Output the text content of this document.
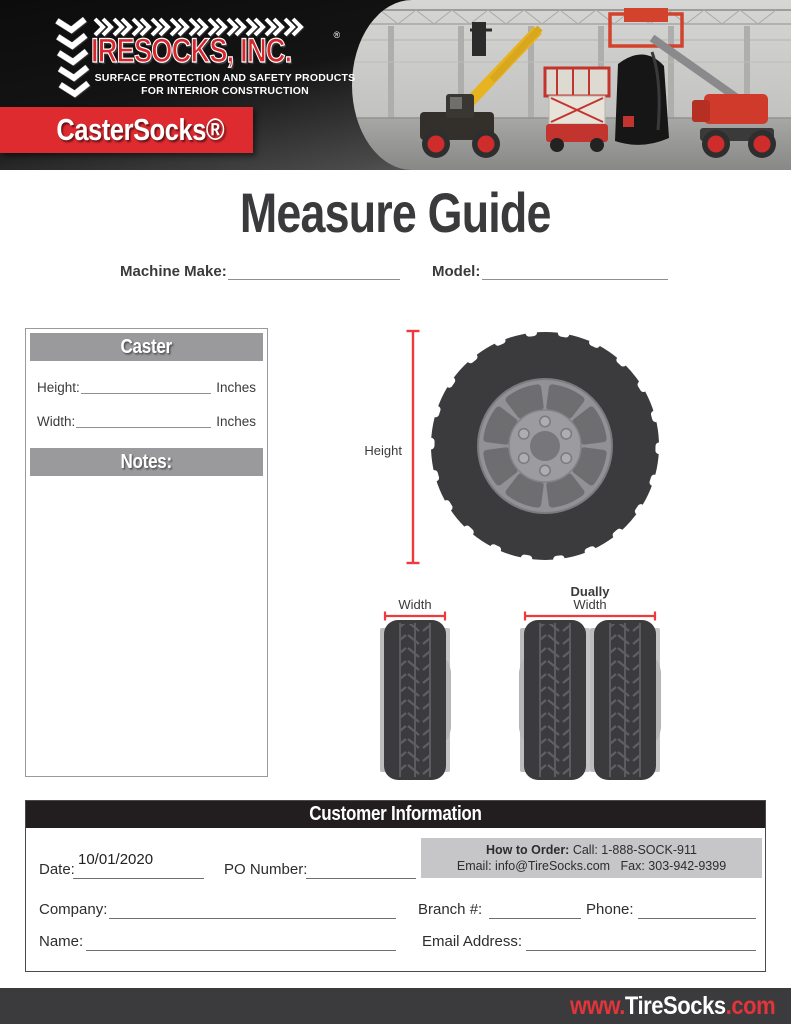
IRESOCKS, INC.	®
SURFACE PROTECTION AND SAFETY PRODUCTS
FOR INTERIOR CONSTRUCTION
CasterSocks®
Measure Guide
Machine Make:	Model:
Caster
Height:	Inches
Width:	Inches
Notes:	Height
Width
Dually
Width
Customer Information
How to Order: Call: 1-888-SOCK-911
Email: info@TireSocks.com   Fax: 303-942-9399
Date:
10/01/2020
PO Number:
Company:	Branch #:	Phone:
Name:	Email Address:
www.TireSocks.com
